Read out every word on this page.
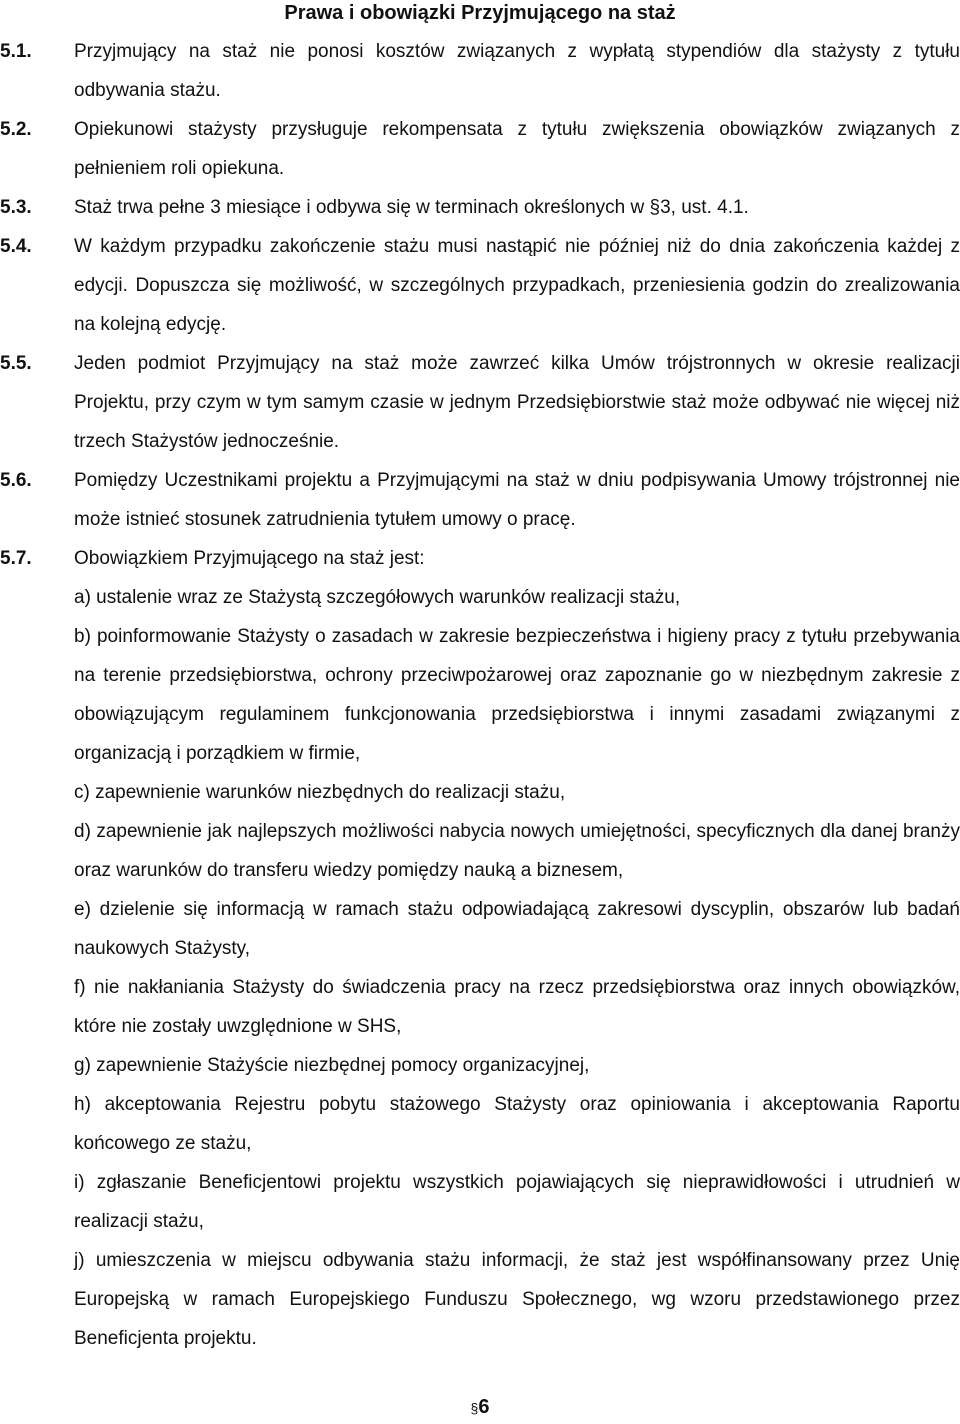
Prawa i obowiązki Przyjmującego na staż
5.1.	Przyjmujący na staż nie ponosi kosztów związanych z wypłatą stypendiów dla stażysty z tytułu odbywania stażu.

5.2.	Opiekunowi stażysty przysługuje rekompensata z tytułu zwiększenia obowiązków związanych z pełnieniem roli opiekuna.

5.3.	Staż trwa pełne 3 miesiące i odbywa się w terminach określonych w §3, ust. 4.1.

5.4.	W każdym przypadku zakończenie stażu musi nastąpić nie później niż do dnia zakończenia każdej z edycji. Dopuszcza się możliwość, w szczególnych przypadkach, przeniesienia godzin do zrealizowania na kolejną edycję.

5.5.	Jeden podmiot Przyjmujący na staż może zawrzeć kilka Umów trójstronnych w okresie realizacji Projektu, przy czym w tym samym czasie w jednym Przedsiębiorstwie staż może odbywać nie więcej niż trzech Stażystów jednocześnie.

5.6.	Pomiędzy Uczestnikami projektu a Przyjmującymi na staż w dniu podpisywania Umowy trójstronnej nie może istnieć stosunek zatrudnienia tytułem umowy o pracę.

5.7.	Obowiązkiem Przyjmującego na staż jest:

a) ustalenie wraz ze Stażystą szczegółowych warunków realizacji stażu,

b) poinformowanie Stażysty o zasadach w zakresie bezpieczeństwa i higieny pracy z tytułu przebywania na terenie przedsiębiorstwa, ochrony przeciwpożarowej oraz zapoznanie go w niezbędnym zakresie z obowiązującym regulaminem funkcjonowania przedsiębiorstwa i innymi zasadami związanymi z organizacją i porządkiem w firmie,

c) zapewnienie warunków niezbędnych do realizacji stażu,

d) zapewnienie jak najlepszych możliwości nabycia nowych umiejętności, specyficznych dla danej branży oraz warunków do transferu wiedzy pomiędzy nauką a biznesem,

e) dzielenie się informacją w ramach stażu odpowiadającą zakresowi dyscyplin, obszarów lub badań naukowych Stażysty,

f) nie nakłaniania Stażysty do świadczenia pracy na rzecz przedsiębiorstwa oraz innych obowiązków, które nie zostały uwzględnione w SHS,

g) zapewnienie Stażyście niezbędnej pomocy organizacyjnej,

h) akceptowania Rejestru pobytu stażowego Stażysty oraz opiniowania i akceptowania Raportu końcowego ze stażu,

i) zgłaszanie Beneficjentowi projektu wszystkich pojawiających się nieprawidłowości i utrudnień w realizacji stażu,

j) umieszczenia w miejscu odbywania stażu informacji, że staż jest współfinansowany przez Unię Europejską w ramach Europejskiego Funduszu Społecznego, wg wzoru przedstawionego przez Beneficjenta projektu.

§6
